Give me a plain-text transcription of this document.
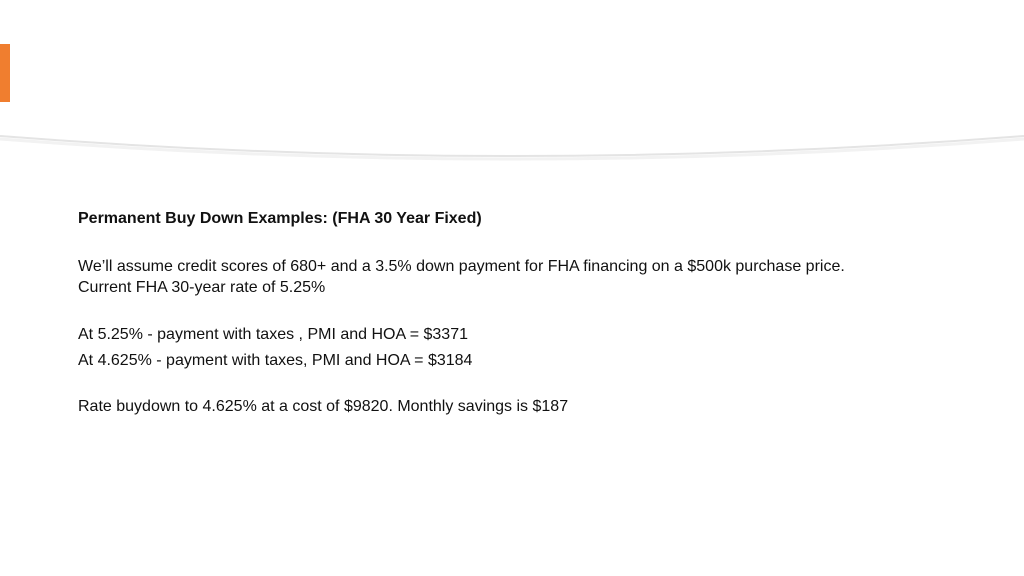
Permanent Buy Down Examples: (FHA 30 Year Fixed)

We’ll assume credit scores of 680+ and a 3.5% down payment for FHA financing on a $500k purchase price. Current FHA 30-year rate of 5.25%

At 5.25% - payment with taxes , PMI and HOA = $3371

At 4.625% - payment with taxes, PMI and HOA = $3184

Rate buydown to 4.625% at a cost of $9820. Monthly savings is $187
